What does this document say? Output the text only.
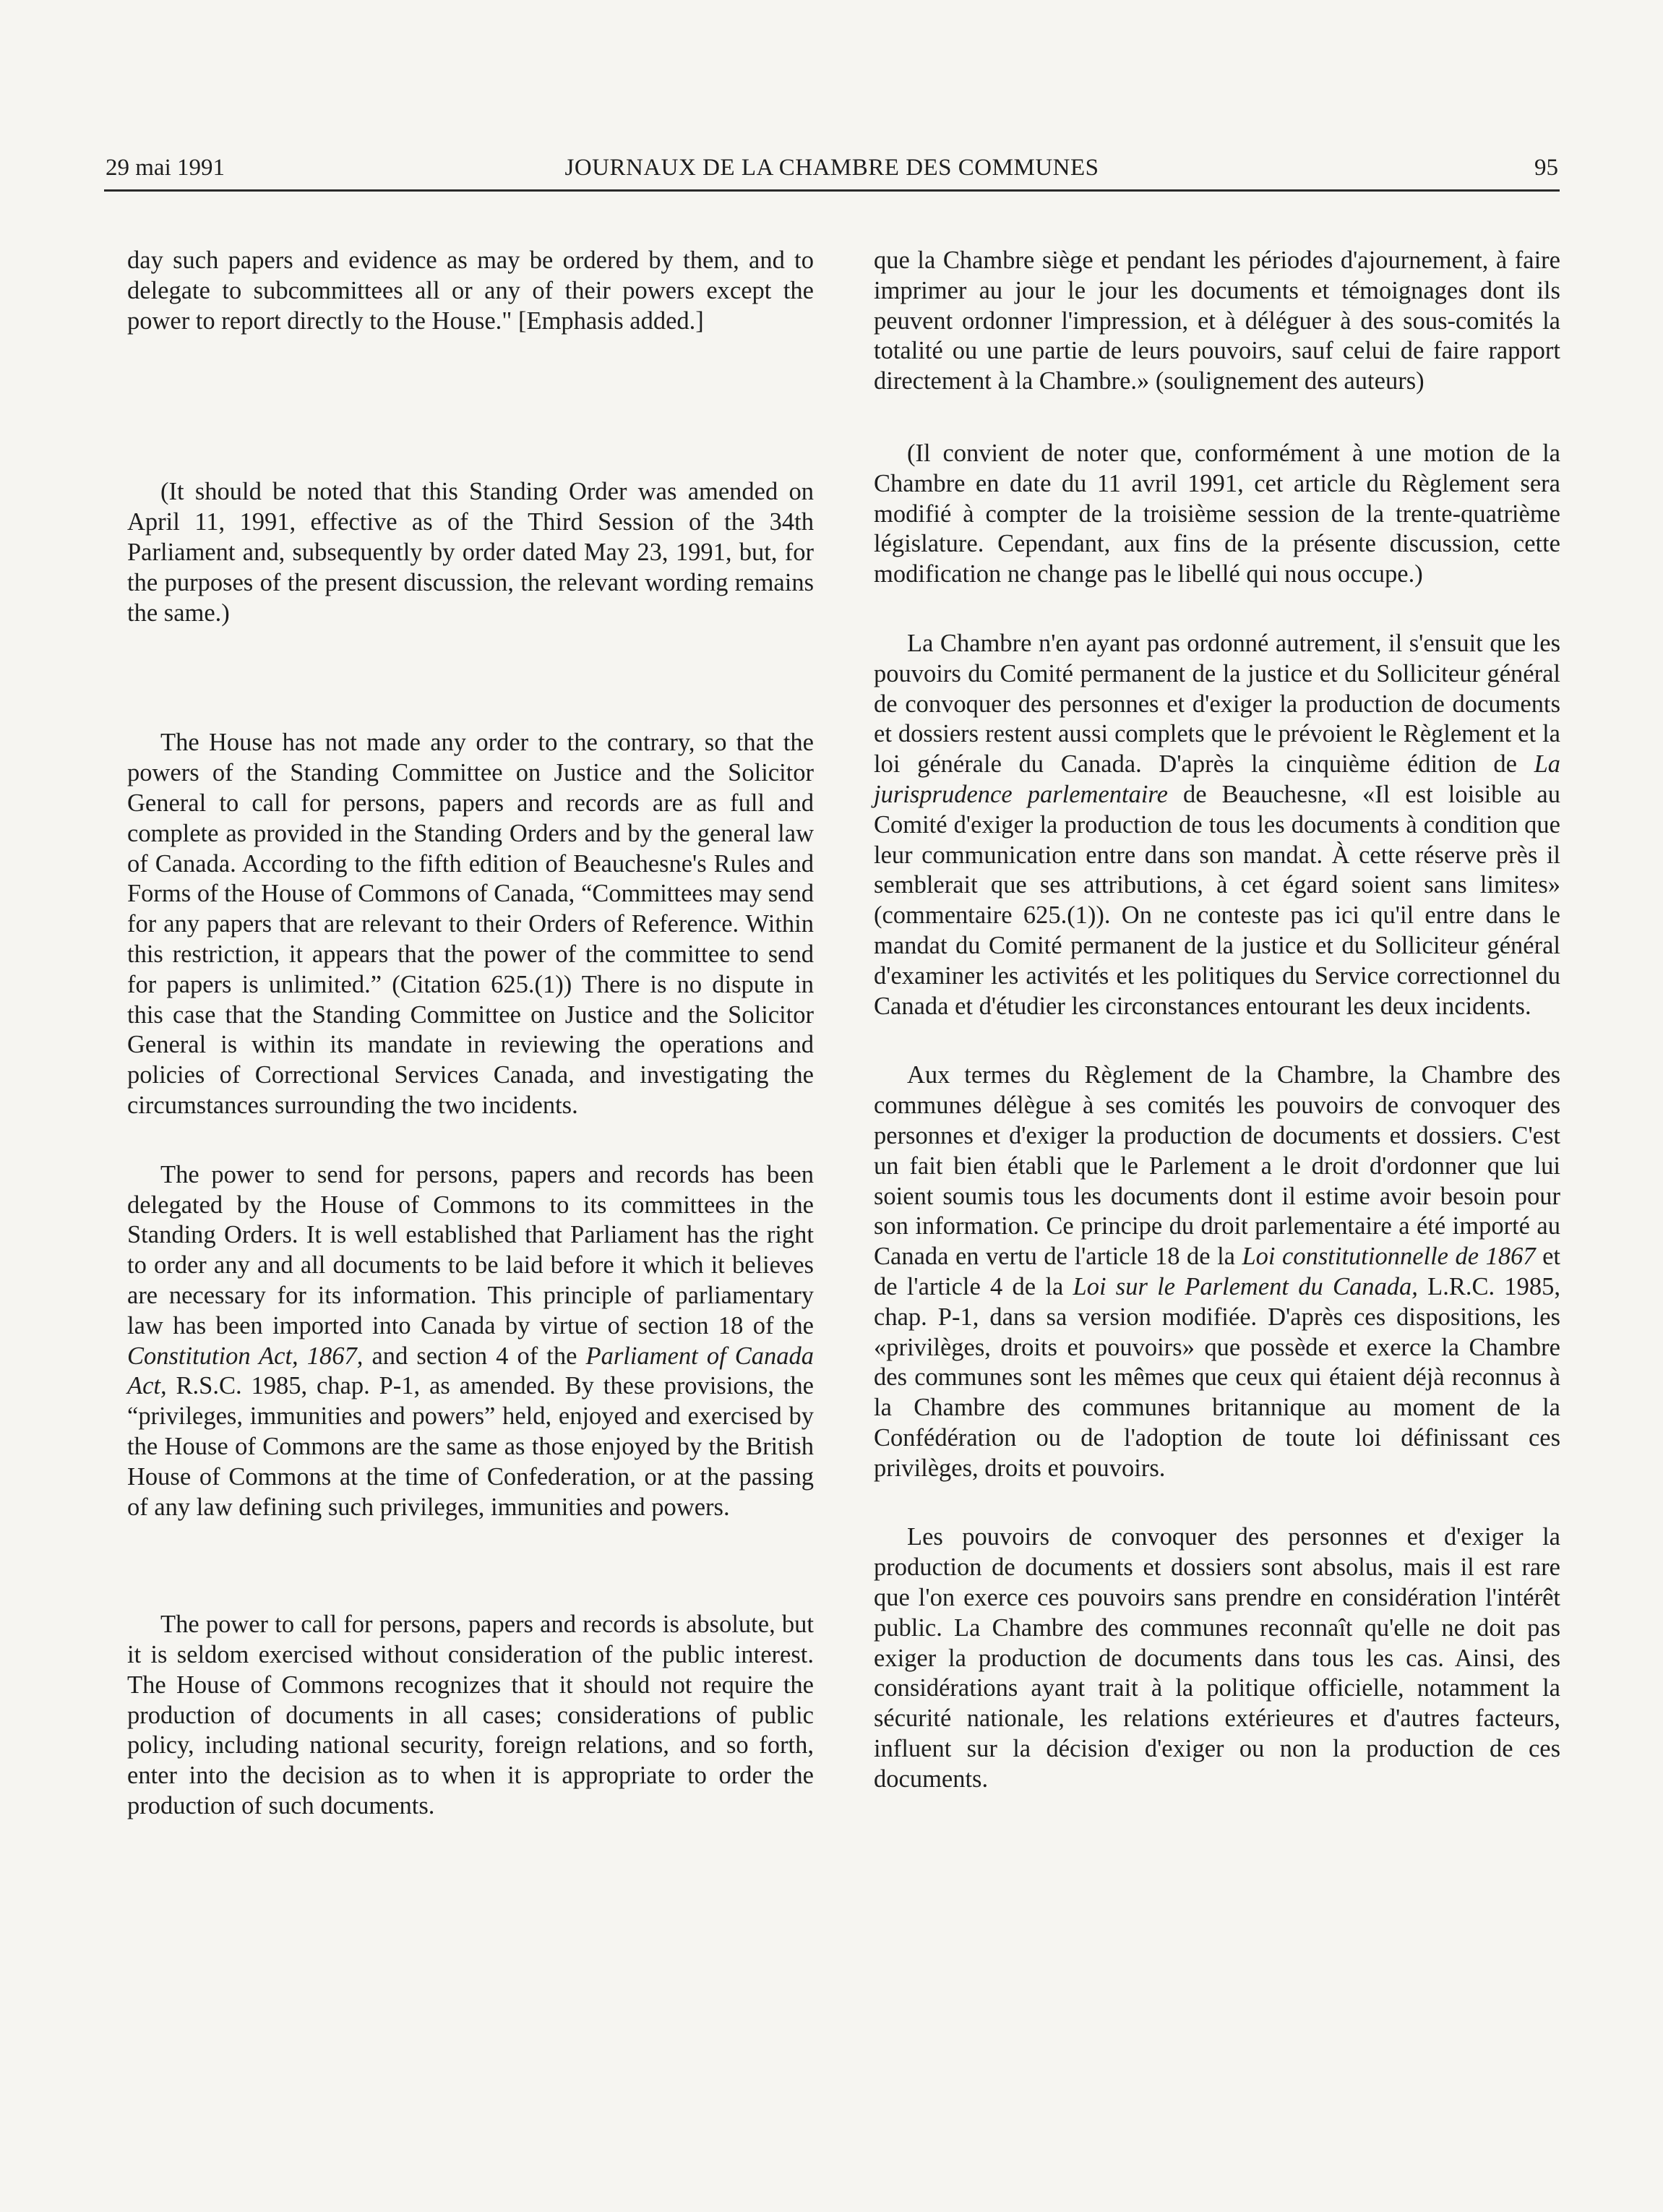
29 mai 1991	JOURNAUX DE LA CHAMBRE DES COMMUNES	95

day such papers and evidence as may be ordered by them, and to delegate to subcommittees all or any of their powers except the power to report directly to the House." [Emphasis added.]

(It should be noted that this Standing Order was amended on April 11, 1991, effective as of the Third Session of the 34th Parliament and, subsequently by order dated May 23, 1991, but, for the purposes of the present discussion, the relevant wording remains the same.)

The House has not made any order to the contrary, so that the powers of the Standing Committee on Justice and the Solicitor General to call for persons, papers and records are as full and complete as provided in the Standing Orders and by the general law of Canada. According to the fifth edition of Beauchesne's Rules and Forms of the House of Commons of Canada, “Committees may send for any papers that are relevant to their Orders of Reference. Within this restriction, it appears that the power of the committee to send for papers is unlimited.” (Citation 625.(1)) There is no dispute in this case that the Standing Committee on Justice and the Solicitor General is within its mandate in reviewing the operations and policies of Correctional Services Canada, and investigating the circumstances surrounding the two incidents.

The power to send for persons, papers and records has been delegated by the House of Commons to its committees in the Standing Orders. It is well established that Parliament has the right to order any and all documents to be laid before it which it believes are necessary for its information. This principle of parliamentary law has been imported into Canada by virtue of section 18 of the Constitution Act, 1867, and section 4 of the Parliament of Canada Act, R.S.C. 1985, chap. P-1, as amended. By these provisions, the “privileges, immunities and powers” held, enjoyed and exercised by the House of Commons are the same as those enjoyed by the British House of Commons at the time of Confederation, or at the passing of any law defining such privileges, immunities and powers.

The power to call for persons, papers and records is absolute, but it is seldom exercised without consideration of the public interest. The House of Commons recognizes that it should not require the production of documents in all cases; considerations of public policy, including national security, foreign relations, and so forth, enter into the decision as to when it is appropriate to order the production of such documents.

que la Chambre siège et pendant les périodes d'ajournement, à faire imprimer au jour le jour les documents et témoignages dont ils peuvent ordonner l'impression, et à déléguer à des sous-comités la totalité ou une partie de leurs pouvoirs, sauf celui de faire rapport directement à la Chambre.» (soulignement des auteurs)

(Il convient de noter que, conformément à une motion de la Chambre en date du 11 avril 1991, cet article du Règlement sera modifié à compter de la troisième session de la trente-quatrième législature. Cependant, aux fins de la présente discussion, cette modification ne change pas le libellé qui nous occupe.)

La Chambre n'en ayant pas ordonné autrement, il s'ensuit que les pouvoirs du Comité permanent de la justice et du Solliciteur général de convoquer des personnes et d'exiger la production de documents et dossiers restent aussi complets que le prévoient le Règlement et la loi générale du Canada. D'après la cinquième édition de La jurisprudence parlementaire de Beauchesne, «Il est loisible au Comité d'exiger la production de tous les documents à condition que leur communication entre dans son mandat. À cette réserve près il semblerait que ses attributions, à cet égard soient sans limites» (commentaire 625.(1)). On ne conteste pas ici qu'il entre dans le mandat du Comité permanent de la justice et du Solliciteur général d'examiner les activités et les politiques du Service correctionnel du Canada et d'étudier les circonstances entourant les deux incidents.

Aux termes du Règlement de la Chambre, la Chambre des communes délègue à ses comités les pouvoirs de convoquer des personnes et d'exiger la production de documents et dossiers. C'est un fait bien établi que le Parlement a le droit d'ordonner que lui soient soumis tous les documents dont il estime avoir besoin pour son information. Ce principe du droit parlementaire a été importé au Canada en vertu de l'article 18 de la Loi constitutionnelle de 1867 et de l'article 4 de la Loi sur le Parlement du Canada, L.R.C. 1985, chap. P-1, dans sa version modifiée. D'après ces dispositions, les «privilèges, droits et pouvoirs» que possède et exerce la Chambre des communes sont les mêmes que ceux qui étaient déjà reconnus à la Chambre des communes britannique au moment de la Confédération ou de l'adoption de toute loi définissant ces privilèges, droits et pouvoirs.

Les pouvoirs de convoquer des personnes et d'exiger la production de documents et dossiers sont absolus, mais il est rare que l'on exerce ces pouvoirs sans prendre en considération l'intérêt public. La Chambre des communes reconnaît qu'elle ne doit pas exiger la production de documents dans tous les cas. Ainsi, des considérations ayant trait à la politique officielle, notamment la sécurité nationale, les relations extérieures et d'autres facteurs, influent sur la décision d'exiger ou non la production de ces documents.
